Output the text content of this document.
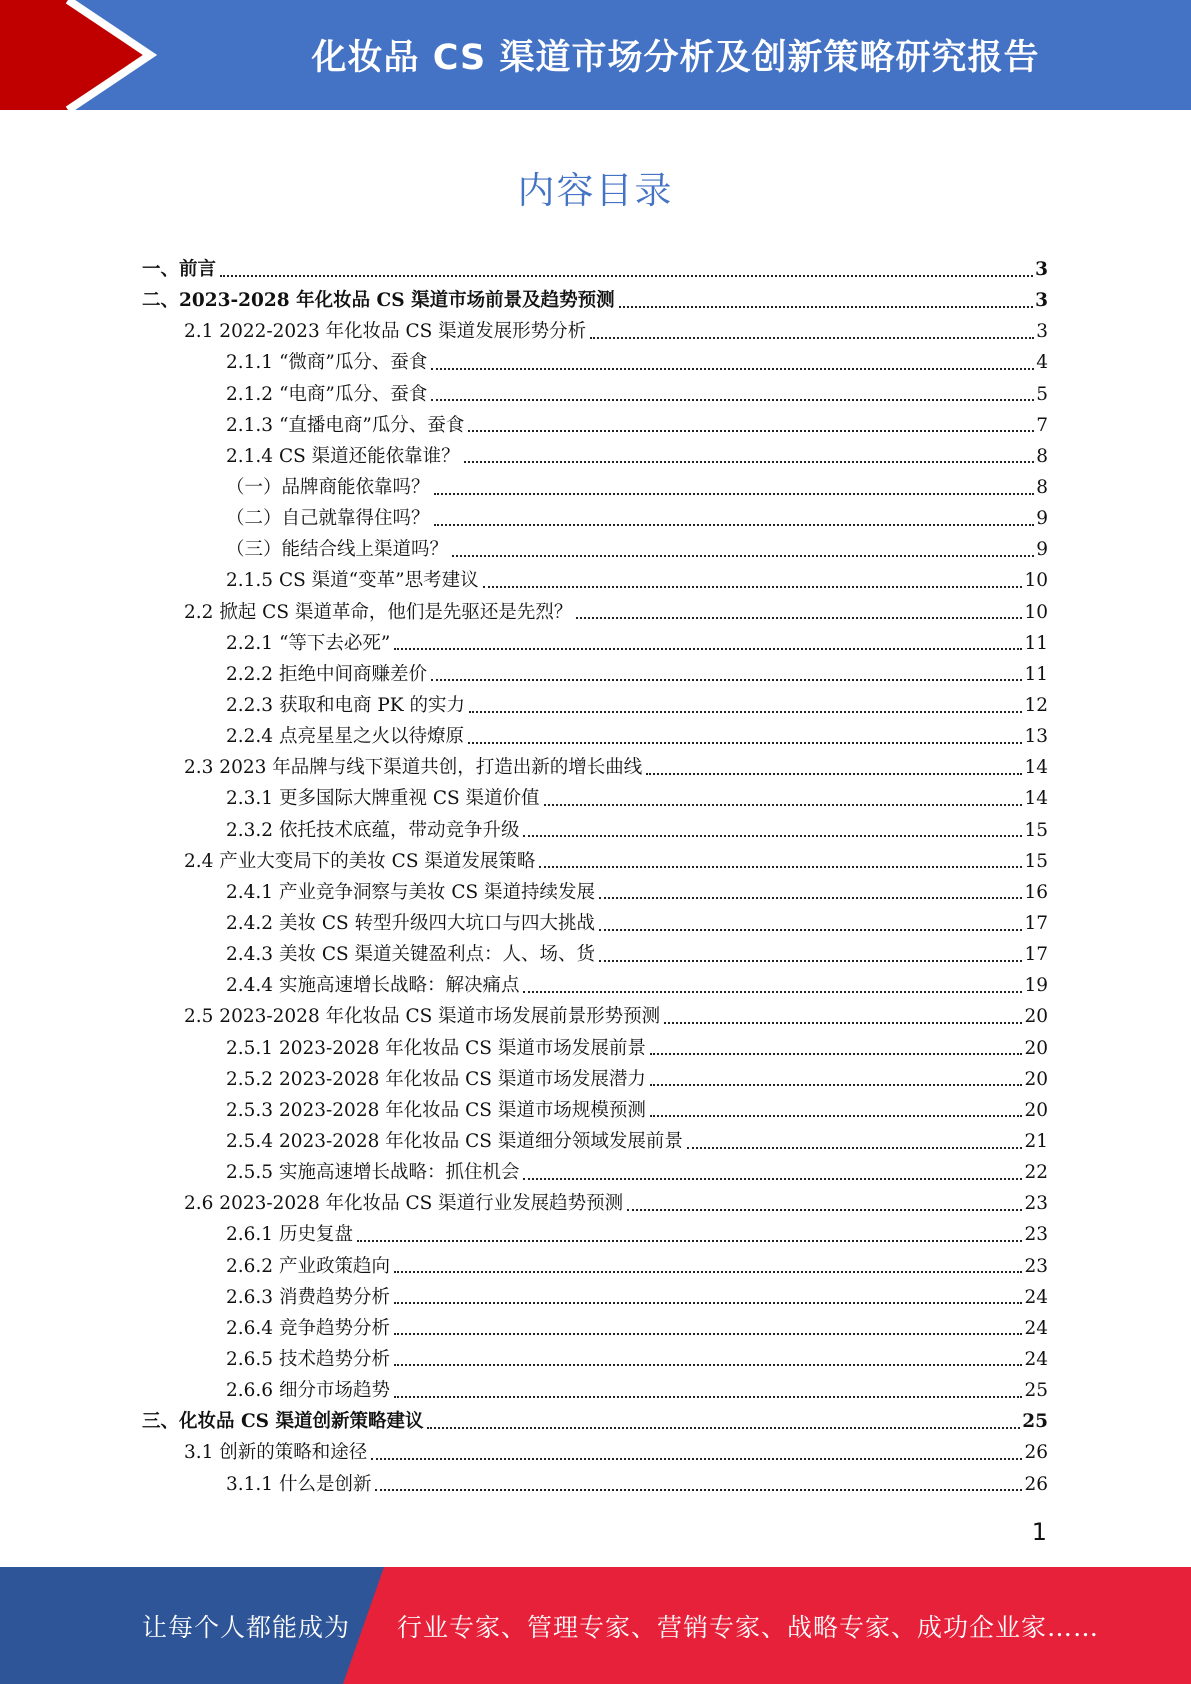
化妆品 CS 渠道市场分析及创新策略研究报告
内容目录
一、前言	3
二、2023-2028 年化妆品 CS 渠道市场前景及趋势预测	3
2.1 2022-2023 年化妆品 CS 渠道发展形势分析	3
2.1.1 “微商”瓜分、蚕食	4
2.1.2 “电商”瓜分、蚕食	5
2.1.3 “直播电商”瓜分、蚕食	7
2.1.4 CS 渠道还能依靠谁？	8
（一）品牌商能依靠吗？	8
（二）自己就靠得住吗？	9
（三）能结合线上渠道吗？	9
2.1.5 CS 渠道“变革”思考建议	10
2.2 掀起 CS 渠道革命，他们是先驱还是先烈？	10
2.2.1 “等下去必死”	11
2.2.2 拒绝中间商赚差价	11
2.2.3 获取和电商 PK 的实力	12
2.2.4 点亮星星之火以待燎原	13
2.3 2023 年品牌与线下渠道共创，打造出新的增长曲线	14
2.3.1 更多国际大牌重视 CS 渠道价值	14
2.3.2 依托技术底蕴，带动竞争升级	15
2.4 产业大变局下的美妆 CS 渠道发展策略	15
2.4.1 产业竞争洞察与美妆 CS 渠道持续发展	16
2.4.2 美妆 CS 转型升级四大坑口与四大挑战	17
2.4.3 美妆 CS 渠道关键盈利点：人、场、货	17
2.4.4 实施高速增长战略：解决痛点	19
2.5 2023-2028 年化妆品 CS 渠道市场发展前景形势预测	20
2.5.1 2023-2028 年化妆品 CS 渠道市场发展前景	20
2.5.2 2023-2028 年化妆品 CS 渠道市场发展潜力	20
2.5.3 2023-2028 年化妆品 CS 渠道市场规模预测	20
2.5.4 2023-2028 年化妆品 CS 渠道细分领域发展前景	21
2.5.5 实施高速增长战略：抓住机会	22
2.6 2023-2028 年化妆品 CS 渠道行业发展趋势预测	23
2.6.1 历史复盘	23
2.6.2 产业政策趋向	23
2.6.3 消费趋势分析	24
2.6.4 竞争趋势分析	24
2.6.5 技术趋势分析	24
2.6.6 细分市场趋势	25
三、化妆品 CS 渠道创新策略建议	25
3.1 创新的策略和途径	26
3.1.1 什么是创新	26
1
让每个人都能成为 行业专家、管理专家、营销专家、战略专家、成功企业家……
